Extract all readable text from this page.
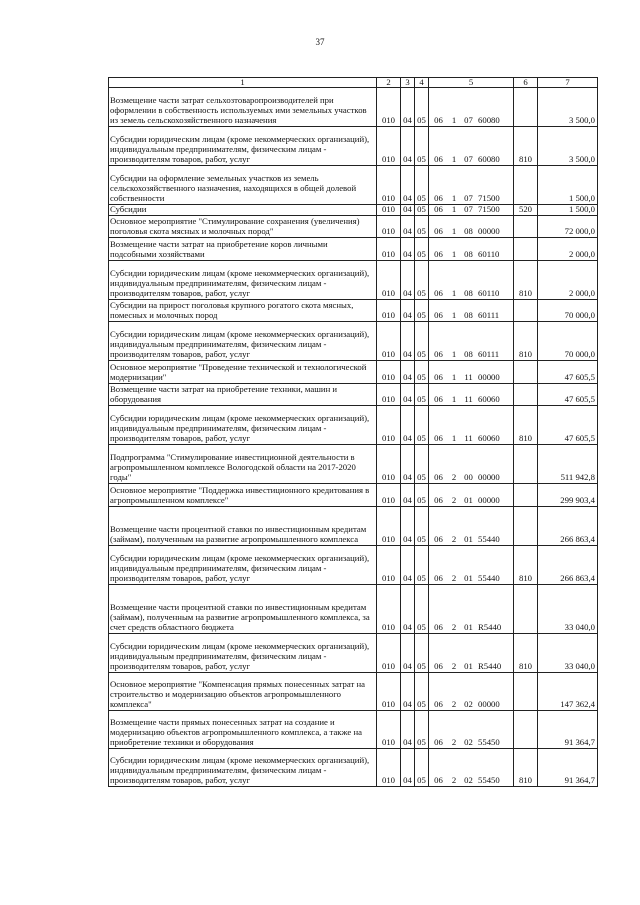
37
1	2	3	4	5	6	7
Возмещение части затрат сельхозтоваропроизводителей при оформлении в собственность используемых ими земельных участков из земель сельскохозяйственного назначения	010	04	05	06 1 07 60080		3 500,0
Субсидии юридическим лицам (кроме некоммерческих организаций), индивидуальным предпринимателям, физическим лицам - производителям товаров, работ, услуг	010	04	05	06 1 07 60080	810	3 500,0
Субсидии на оформление земельных участков из земель сельскохозяйственного назначения, находящихся в общей долевой собственности	010	04	05	06 1 07 71500		1 500,0
Субсидии	010	04	05	06 1 07 71500	520	1 500,0
Основное мероприятие "Стимулирование сохранения (увеличения) поголовья скота мясных и молочных пород"	010	04	05	06 1 08 00000		72 000,0
Возмещение части затрат на приобретение коров личными подсобными хозяйствами	010	04	05	06 1 08 60110		2 000,0
Субсидии юридическим лицам (кроме некоммерческих организаций), индивидуальным предпринимателям, физическим лицам - производителям товаров, работ, услуг	010	04	05	06 1 08 60110	810	2 000,0
Субсидии на прирост поголовья крупного рогатого скота мясных, помесных и молочных пород	010	04	05	06 1 08 60111		70 000,0
Субсидии юридическим лицам (кроме некоммерческих организаций), индивидуальным предпринимателям, физическим лицам - производителям товаров, работ, услуг	010	04	05	06 1 08 60111	810	70 000,0
Основное мероприятие "Проведение технической и технологической модернизации"	010	04	05	06 1 11 00000		47 605,5
Возмещение части затрат на приобретение техники, машин и оборудования	010	04	05	06 1 11 60060		47 605,5
Субсидии юридическим лицам (кроме некоммерческих организаций), индивидуальным предпринимателям, физическим лицам - производителям товаров, работ, услуг	010	04	05	06 1 11 60060	810	47 605,5
Подпрограмма "Стимулирование инвестиционной деятельности в агропромышленном комплексе Вологодской области на 2017-2020 годы"	010	04	05	06 2 00 00000		511 942,8
Основное мероприятие "Поддержка инвестиционного кредитования в агропромышленном комплексе"	010	04	05	06 2 01 00000		299 903,4
Возмещение части процентной ставки по инвестиционным кредитам (займам), полученным на развитие агропромышленного комплекса	010	04	05	06 2 01 55440		266 863,4
Субсидии юридическим лицам (кроме некоммерческих организаций), индивидуальным предпринимателям, физическим лицам - производителям товаров, работ, услуг	010	04	05	06 2 01 55440	810	266 863,4
Возмещение части процентной ставки по инвестиционным кредитам (займам), полученным на развитие агропромышленного комплекса, за счет средств областного бюджета	010	04	05	06 2 01 R5440		33 040,0
Субсидии юридическим лицам (кроме некоммерческих организаций), индивидуальным предпринимателям, физическим лицам - производителям товаров, работ, услуг	010	04	05	06 2 01 R5440	810	33 040,0
Основное мероприятие "Компенсация прямых понесенных затрат на строительство и модернизацию объектов агропромышленного комплекса"	010	04	05	06 2 02 00000		147 362,4
Возмещение части прямых понесенных затрат на создание и модернизацию объектов агропромышленного комплекса, а также на приобретение техники и оборудования	010	04	05	06 2 02 55450		91 364,7
Субсидии юридическим лицам (кроме некоммерческих организаций), индивидуальным предпринимателям, физическим лицам - производителям товаров, работ, услуг	010	04	05	06 2 02 55450	810	91 364,7
